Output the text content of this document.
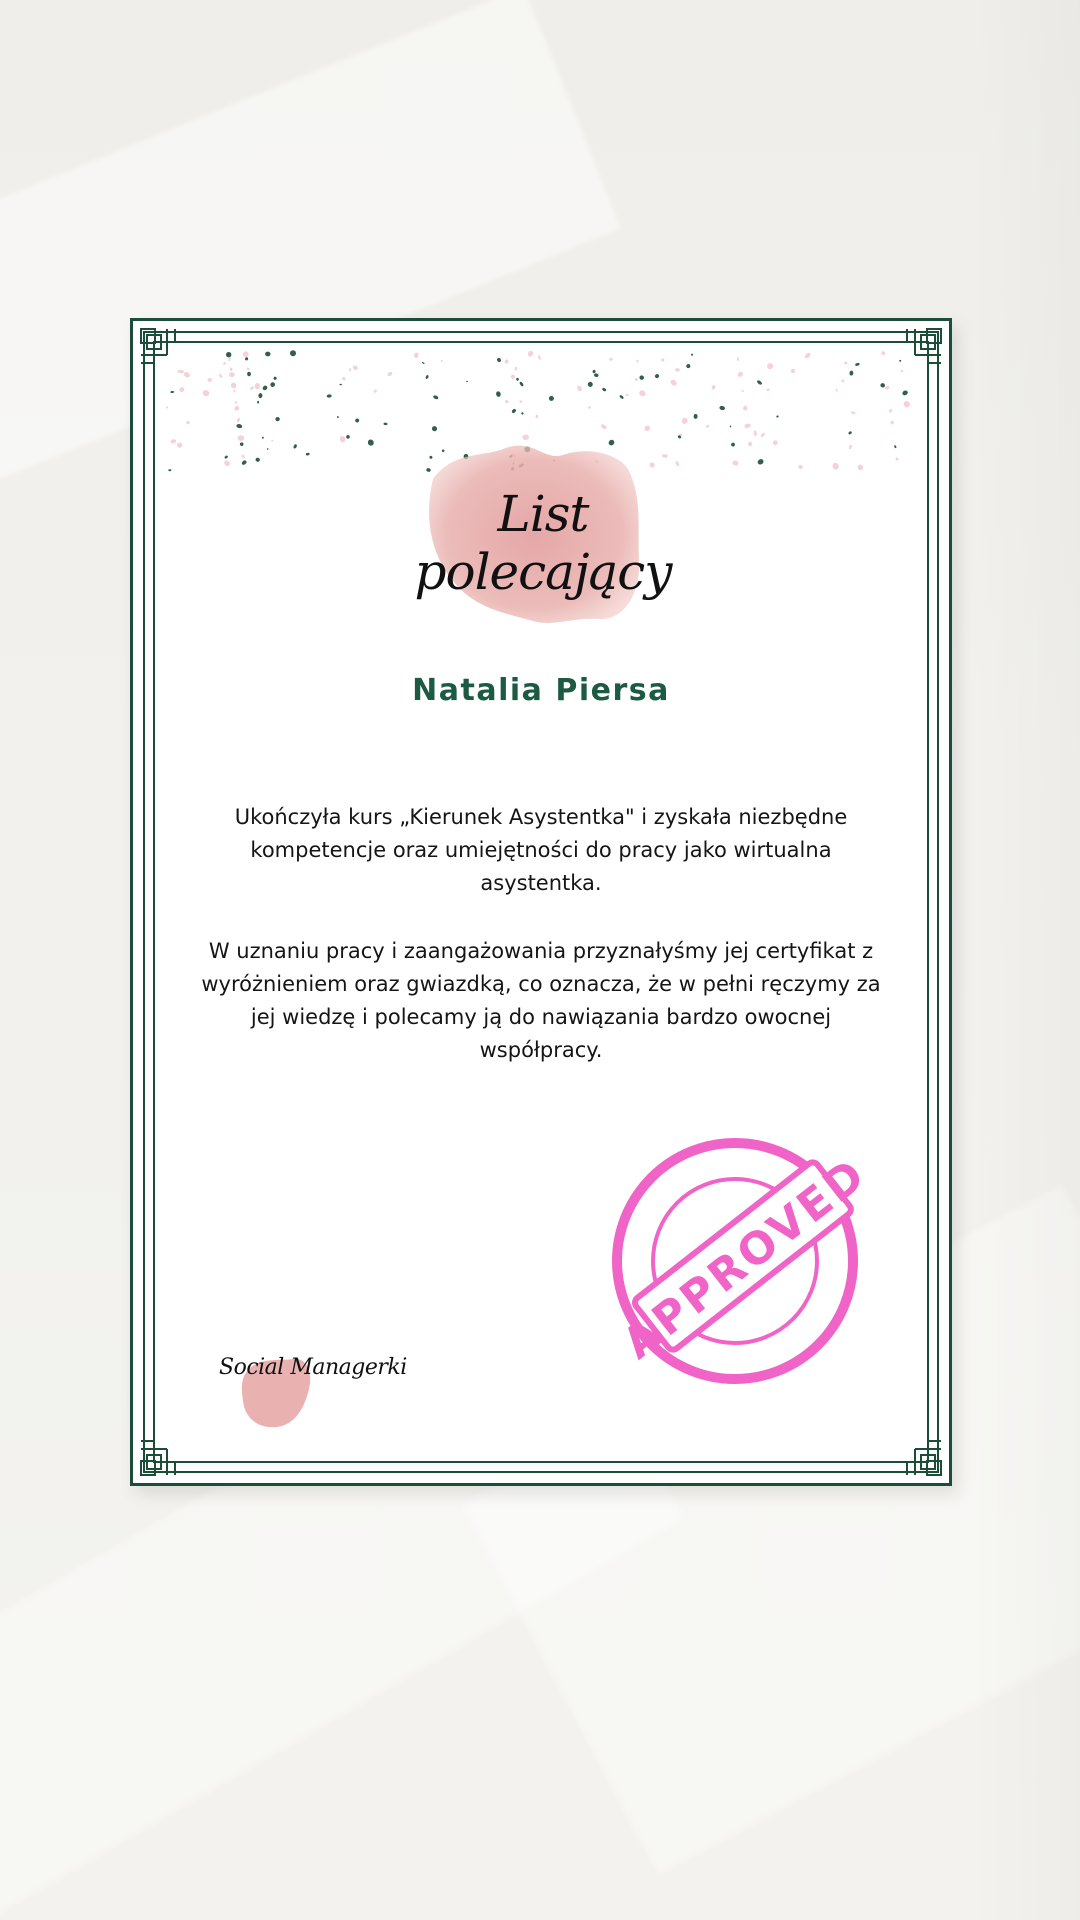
List polecający
Natalia Piersa
Ukończyła kurs „Kierunek Asystentka" i zyskała niezbędne kompetencje oraz umiejętności do pracy jako wirtualna asystentka.
W uznaniu pracy i zaangażowania przyznałyśmy jej certyfikat z wyróżnieniem oraz gwiazdką, co oznacza, że w pełni ręczymy za jej wiedzę i polecamy ją do nawiązania bardzo owocnej współpracy.
APPROVED
Social Managerki
